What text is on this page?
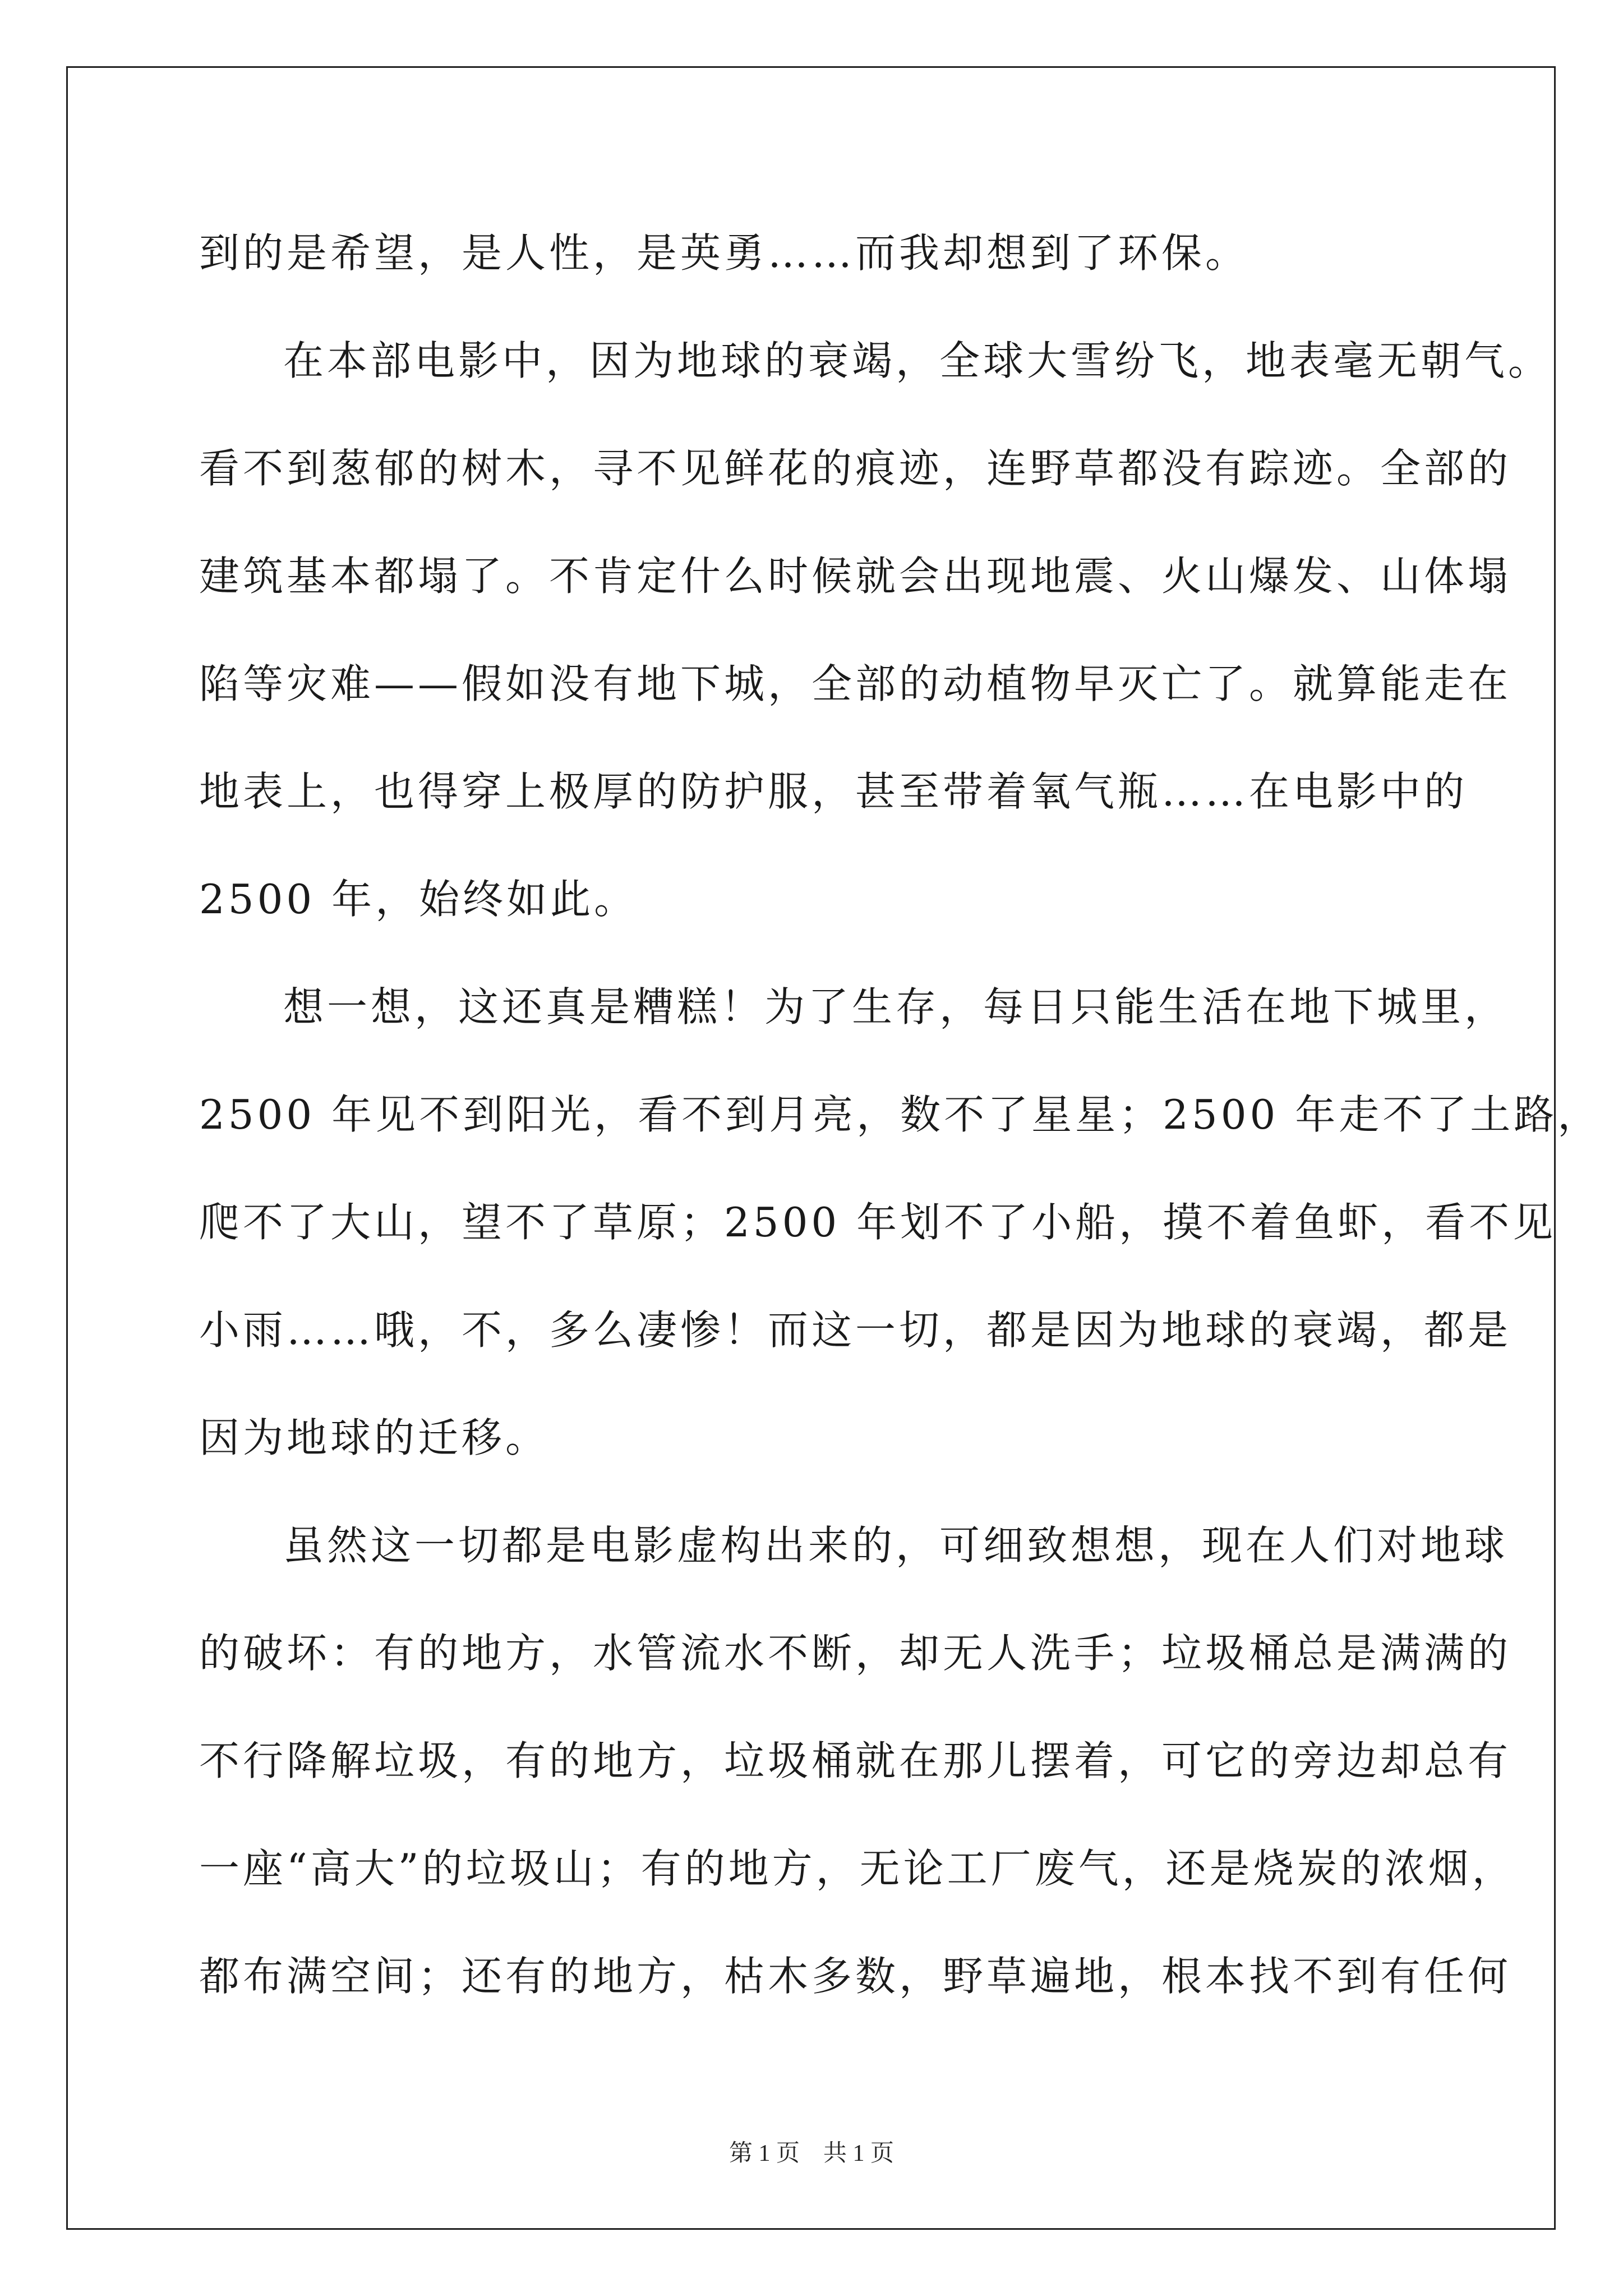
到的是希望，是人性，是英勇……而我却想到了环保。
在本部电影中，因为地球的衰竭，全球大雪纷飞，地表毫无朝气。
看不到葱郁的树木，寻不见鲜花的痕迹，连野草都没有踪迹。全部的
建筑基本都塌了。不肯定什么时候就会出现地震、火山爆发、山体塌
陷等灾难——假如没有地下城，全部的动植物早灭亡了。就算能走在
地表上，也得穿上极厚的防护服，甚至带着氧气瓶……在电影中的
2500 年，始终如此。
想一想，这还真是糟糕！为了生存，每日只能生活在地下城里，
2500 年见不到阳光，看不到月亮，数不了星星；2500 年走不了土路，
爬不了大山，望不了草原；2500 年划不了小船，摸不着鱼虾，看不见
小雨……哦，不，多么凄惨！而这一切，都是因为地球的衰竭，都是
因为地球的迁移。
虽然这一切都是电影虚构出来的，可细致想想，现在人们对地球
的破坏：有的地方，水管流水不断，却无人洗手；垃圾桶总是满满的
不行降解垃圾，有的地方，垃圾桶就在那儿摆着，可它的旁边却总有
一座“高大”的垃圾山；有的地方，无论工厂废气，还是烧炭的浓烟，
都布满空间；还有的地方，枯木多数，野草遍地，根本找不到有任何
第 1 页　共 1 页
